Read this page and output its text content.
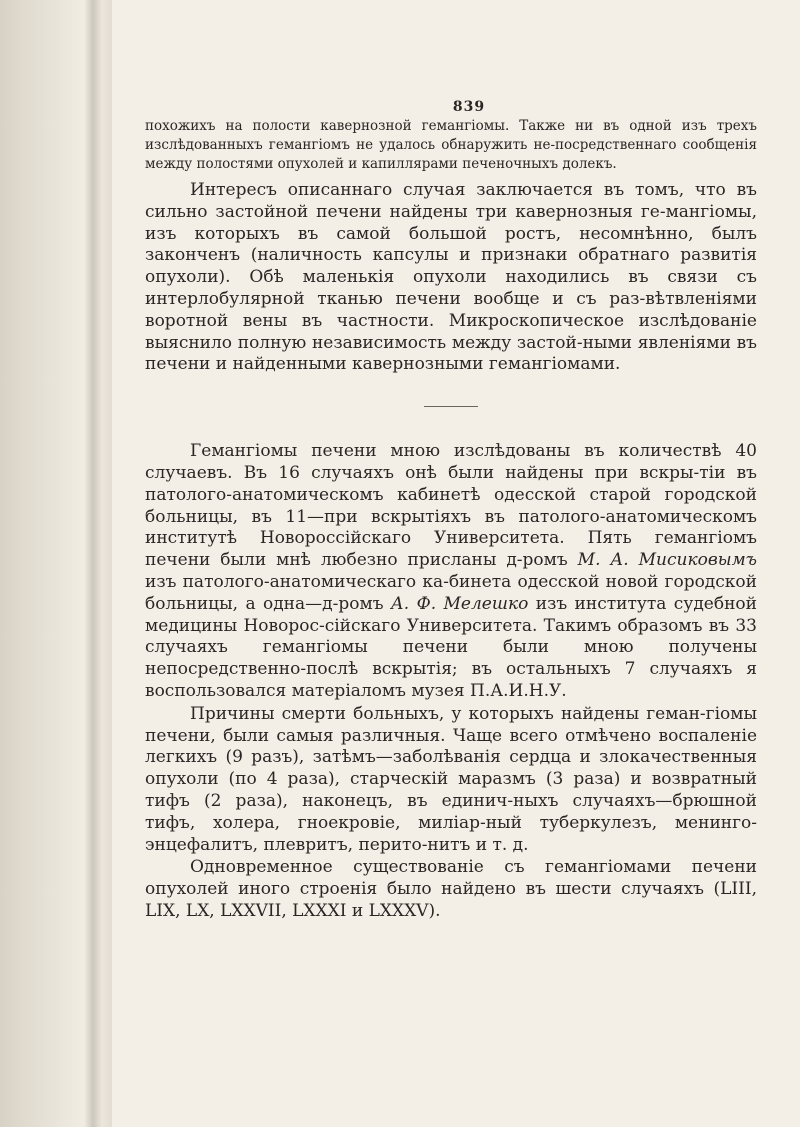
839

похожихъ на полости кавернозной гемангіомы. Также ни въ одной изъ трехъ изслѣдованныхъ гемангіомъ не удалось обнаружить не-посредственнаго сообщенія между полостями опухолей и капиллярами печеночныхъ долекъ.

Интересъ описаннаго случая заключается въ томъ, что въ сильно застойной печени найдены три кавернозныя ге-мангіомы, изъ которыхъ въ самой большой ростъ, несомнѣнно, былъ законченъ (наличность капсулы и признаки обратнаго развитія опухоли). Обѣ маленькія опухоли находились въ связи съ интерлобулярной тканью печени вообще и съ раз-вѣтвленіями воротной вены въ частности. Микроскопическое изслѣдованіе выяснило полную независимость между застой-ными явленіями въ печени и найденными кавернозными гемангіомами.

Гемангіомы печени мною изслѣдованы въ количествѣ 40 случаевъ. Въ 16 случаяхъ онѣ были найдены при вскры-тіи въ патолого-анатомическомъ кабинетѣ одесской старой городской больницы, въ 11—при вскрытіяхъ въ патолого-анатомическомъ институтѣ Новороссійскаго Университета. Пять гемангіомъ печени были мнѣ любезно присланы д-ромъ М. А. Мисиковымъ изъ патолого-анатомическаго ка-бинета одесской новой городской больницы, а одна—д-ромъ А. Ф. Мелешко изъ института судебной медицины Новорос-сійскаго Университета. Такимъ образомъ въ 33 случаяхъ гемангіомы печени были мною получены непосредственно-послѣ вскрытія; въ остальныхъ 7 случаяхъ я воспользовался матеріаломъ музея П.А.И.Н.У.

Причины смерти больныхъ, у которыхъ найдены геман-гіомы печени, были самыя различныя. Чаще всего отмѣчено воспаленіе легкихъ (9 разъ), затѣмъ—заболѣванія сердца и злокачественныя опухоли (по 4 раза), старческій маразмъ (3 раза) и возвратный тифъ (2 раза), наконецъ, въ единич-ныхъ случаяхъ—брюшной тифъ, холера, гноекровіе, миліар-ный туберкулезъ, менинго-энцефалитъ, плевритъ, перито-нитъ и т. д.

Одновременное существованіе съ гемангіомами печени опухолей иного строенія было найдено въ шести случаяхъ (LIII, LIX, LX, LXXVII, LXXXI и LXXXV).
